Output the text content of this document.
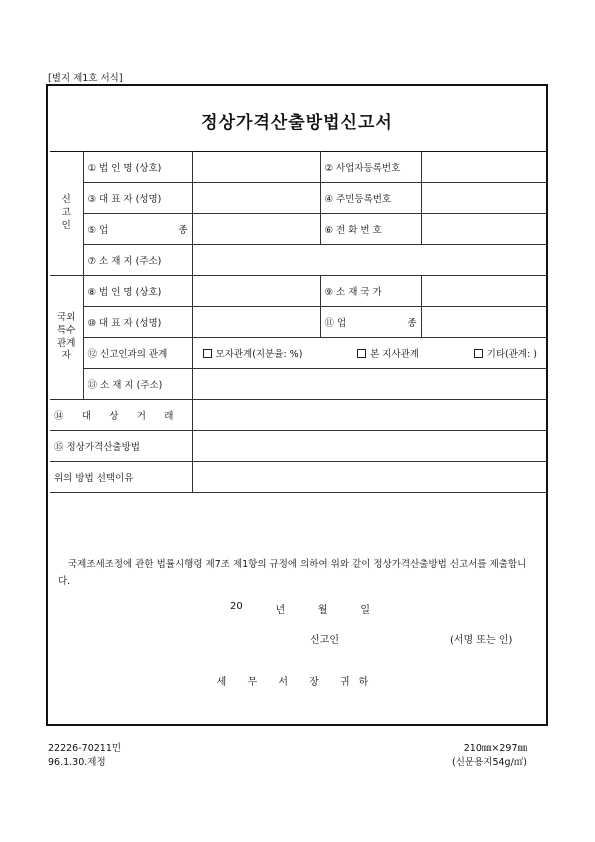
[별지 제1호 서식]
정상가격산출방법신고서
신
고
인	① 법 인 명 (상호)		② 사업자등록번호	
	③ 대 표 자 (성명)		④ 주민등록번호	

	⑤ 업 종		⑥ 전 화 번 호	
	⑦ 소 재 지 (주소)			

국외
특수
관계
자	⑧ 법 인 명 (상호)		⑨ 소 재 국 가	
	⑩ 대 표 자 (성명)		⑪ 업 종	

	⑫ 신고인과의 관계	모자관계(지분율: %) 본 지사관계 기타(관계: )		

	⑬ 소 재 지 (주소)			

⑭ 대 상 거 래				

⑮ 정상가격산출방법				
위의 방법 선택이유				
국제조세조정에 관한 법률시행령 제7조 제1항의 규정에 의하여 위와 같이 정상가격산출방법 신고서를 제출합니다.
20	년	월	일
신고인	(서명 또는 인)
세 무 서 장 귀하
22226-70211민
96.1.30.제정
210㎜×297㎜
(신문용지54g/㎡)
